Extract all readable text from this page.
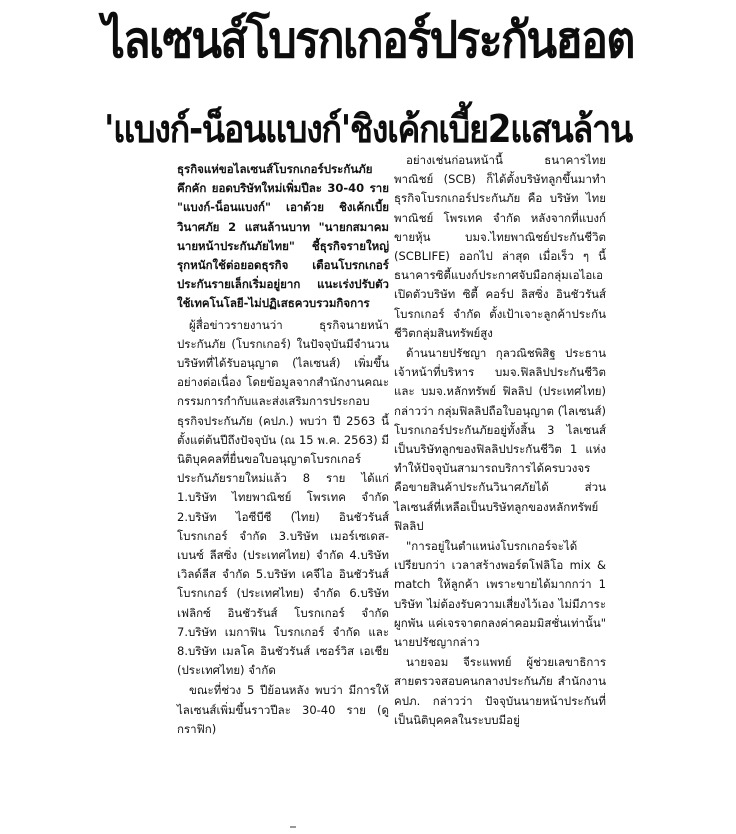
ไลเซนส์โบรกเกอร์ประกันฮอต
'แบงก์-น็อนแบงก์'ชิงเค้กเบี้ย2แสนล้าน

ธุรกิจแห่ขอไลเซนส์โบรกเกอร์ประกันภัยคึกคัก ยอดบริษัทใหม่เพิ่มปีละ 30-40 ราย "แบงก์-น็อนแบงก์" เอาด้วย ชิงเค้กเบี้ยวินาศภัย 2 แสนล้านบาท "นายกสมาคมนายหน้าประกันภัยไทย" ชี้ธุรกิจรายใหญ่รุกหนักใช้ต่อยอดธุรกิจ เตือนโบรกเกอร์ประกันรายเล็กเริ่มอยู่ยาก แนะเร่งปรับตัวใช้เทคโนโลยี-ไม่ปฏิเสธควบรวมกิจการ

ผู้สื่อข่าวรายงานว่า ธุรกิจนายหน้าประกันภัย (โบรกเกอร์) ในปัจจุบันมีจำนวนบริษัทที่ได้รับอนุญาต (ไลเซนส์) เพิ่มขึ้นอย่างต่อเนื่อง โดยข้อมูลจากสำนักงานคณะกรรมการกำกับและส่งเสริมการประกอบธุรกิจประกันภัย (คปภ.) พบว่า ปี 2563 นี้ ตั้งแต่ต้นปีถึงปัจจุบัน (ณ 15 พ.ค. 2563) มีนิติบุคคลที่ยื่นขอใบอนุญาตโบรกเกอร์ประกันภัยรายใหม่แล้ว 8 ราย ได้แก่ 1.บริษัท ไทยพาณิชย์ โพรเทค จำกัด 2.บริษัท ไอซีบีซี (ไทย) อินชัวรันส์ โบรกเกอร์ จำกัด 3.บริษัท เมอร์เซเดส-เบนซ์ ลีสซิ่ง (ประเทศไทย) จำกัด 4.บริษัท เวิลด์ลีส จำกัด 5.บริษัท เคจีไอ อินชัวรันส์ โบรกเกอร์ (ประเทศไทย) จำกัด 6.บริษัท เฟลิกซ์ อินชัวรันส์ โบรกเกอร์ จำกัด 7.บริษัท เมกาฟิน โบรกเกอร์ จำกัด และ 8.บริษัท เมลโค อินชัวรันส์ เซอร์วิส เอเชีย (ประเทศไทย) จำกัด

ขณะที่ช่วง 5 ปีย้อนหลัง พบว่า มีการให้ไลเซนส์เพิ่มขึ้นราวปีละ 30-40 ราย (ดูกราฟิก)

อย่างเช่นก่อนหน้านี้ ธนาคารไทยพาณิชย์ (SCB) ก็ได้ตั้งบริษัทลูกขึ้นมาทำธุรกิจโบรกเกอร์ประกันภัย คือ บริษัท ไทยพาณิชย์ โพรเทค จำกัด หลังจากที่แบงก์ขายหุ้น บมจ.ไทยพาณิชย์ประกันชีวิต (SCBLIFE) ออกไป ล่าสุด เมื่อเร็ว ๆ นี้ ธนาคารซิตี้แบงก์ประกาศจับมือกลุ่มเอไอเอ เปิดตัวบริษัท ซิตี้ คอร์ป ลิสซิ่ง อินชัวรันส์ โบรกเกอร์ จำกัด ตั้งเป้าเจาะลูกค้าประกันชีวิตกลุ่มสินทรัพย์สูง

ด้านนายปรัชญา กุลวณิชพิสิฐ ประธานเจ้าหน้าที่บริหาร บมจ.ฟิลลิปประกันชีวิต และ บมจ.หลักทรัพย์ ฟิลลิป (ประเทศไทย) กล่าวว่า กลุ่มฟิลลิปถือใบอนุญาต (ไลเซนส์) โบรกเกอร์ประกันภัยอยู่ทั้งสิ้น 3 ไลเซนส์ เป็นบริษัทลูกของฟิลลิปประกันชีวิต 1 แห่ง ทำให้ปัจจุบันสามารถบริการได้ครบวงจร คือขายสินค้าประกันวินาศภัยได้ ส่วนไลเซนส์ที่เหลือเป็นบริษัทลูกของหลักทรัพย์ ฟิลลิป

"การอยู่ในตำแหน่งโบรกเกอร์จะได้เปรียบกว่า เวลาสร้างพอร์ตโฟลิโอ mix & match ให้ลูกค้า เพราะขายได้มากกว่า 1 บริษัท ไม่ต้องรับความเสี่ยงไว้เอง ไม่มีภาระผูกพัน แค่เจรจาตกลงค่าคอมมิสชั่นเท่านั้น" นายปรัชญากล่าว

นายจอม จีระแพทย์ ผู้ช่วยเลขาธิการ สายตรวจสอบคนกลางประกันภัย สำนักงาน คปภ. กล่าวว่า ปัจจุบันนายหน้าประกันที่เป็นนิติบุคคลในระบบมีอยู่
